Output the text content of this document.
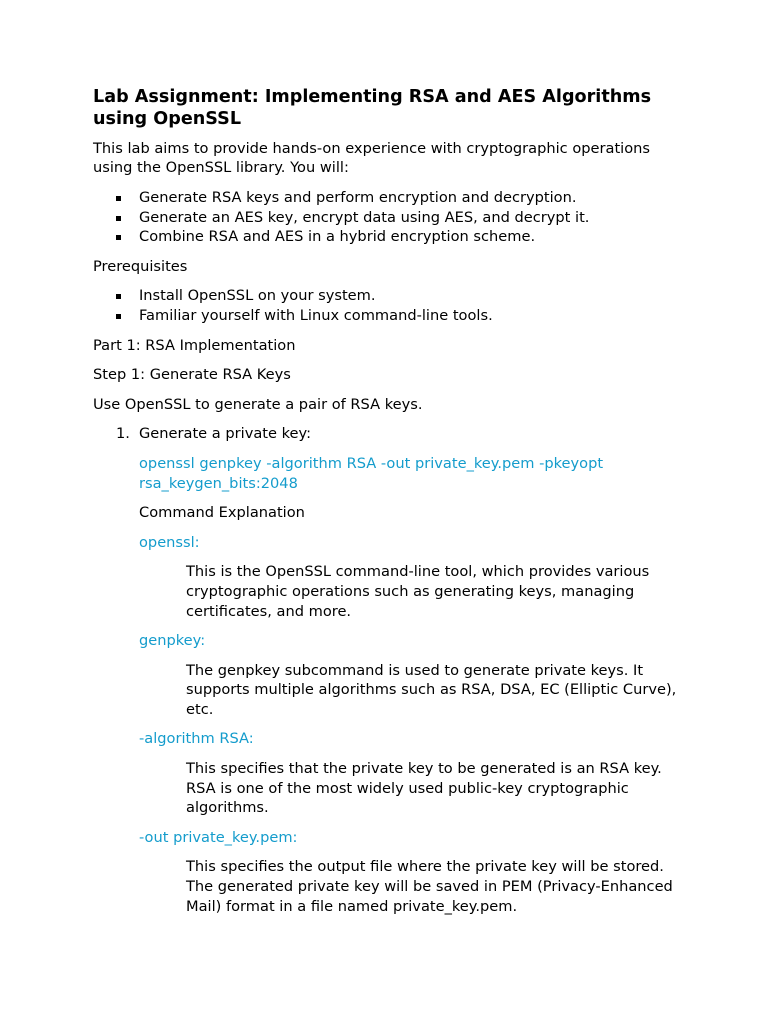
Lab Assignment: Implementing RSA and AES Algorithms using OpenSSL

This lab aims to provide hands-on experience with cryptographic operations using the OpenSSL library. You will:

Generate RSA keys and perform encryption and decryption.
Generate an AES key, encrypt data using AES, and decrypt it.
Combine RSA and AES in a hybrid encryption scheme.

Prerequisites

Install OpenSSL on your system.
Familiar yourself with Linux command-line tools.

Part 1: RSA Implementation

Step 1: Generate RSA Keys

Use OpenSSL to generate a pair of RSA keys.

1. Generate a private key:

openssl genpkey -algorithm RSA -out private_key.pem -pkeyopt rsa_keygen_bits:2048

Command Explanation

openssl:

This is the OpenSSL command-line tool, which provides various cryptographic operations such as generating keys, managing certificates, and more.

genpkey:

The genpkey subcommand is used to generate private keys. It supports multiple algorithms such as RSA, DSA, EC (Elliptic Curve), etc.

-algorithm RSA:

This specifies that the private key to be generated is an RSA key. RSA is one of the most widely used public-key cryptographic algorithms.

-out private_key.pem:

This specifies the output file where the private key will be stored. The generated private key will be saved in PEM (Privacy-Enhanced Mail) format in a file named private_key.pem.
